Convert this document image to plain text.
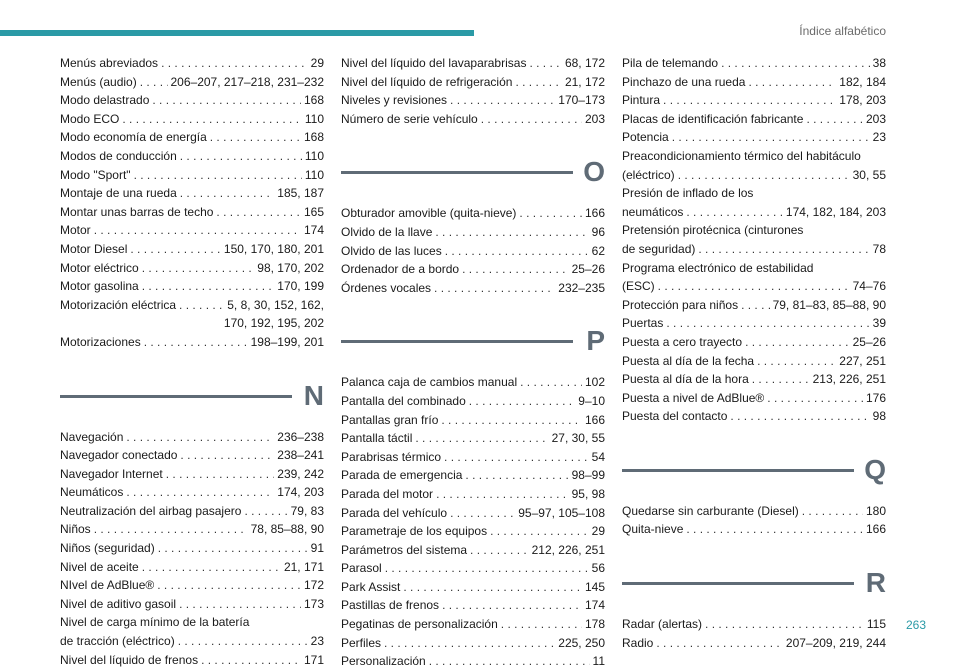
Índice alfabético
Menús abreviados . . .	29
Menús (audio) . . .	206–207, 217–218, 231–232
Modo delastrado . . .	168
Modo ECO . . .	110
Modo economía de energía . . .	168
Modos de conducción . . .	110
Modo "Sport" . . .	110
Montaje de una rueda . . .	185, 187
Montar unas barras de techo . . .	165
Motor . . .	174
Motor Diesel . . .	150, 170, 180, 201
Motor eléctrico . . .	98, 170, 202
Motor gasolina . . .	170, 199
Motorización eléctrica . . .	5, 8, 30, 152, 162,
170, 192, 195, 202
Motorizaciones . . .	198–199, 201
N
Navegación . . .	236–238
Navegador conectado . . .	238–241
Navegador Internet . . .	239, 242
Neumáticos . . .	174, 203
Neutralización del airbag pasajero . . .	79, 83
Niños . . .	78, 85–88, 90
Niños (seguridad) . . .	91
Nivel de aceite . . .	21, 171
NIvel de AdBlue® . . .	172
Nivel de aditivo gasoil . . .	173
Nivel de carga mínimo de la batería
de tracción (eléctrico) . . .	23
Nivel del líquido de frenos . . .	171
Nivel del líquido del lavaparabrisas . . .	68, 172
Nivel del líquido de refrigeración . . .	21, 172
Niveles y revisiones . . .	170–173
Número de serie vehículo . . .	203
O
Obturador amovible (quita-nieve) . . .	166
Olvido de la llave . . .	96
Olvido de las luces . . .	62
Ordenador de a bordo . . .	25–26
Órdenes vocales . . .	232–235
P
Palanca caja de cambios manual . . .	102
Pantalla del combinado . . .	9–10
Pantallas gran frío . . .	166
Pantalla táctil . . .	27, 30, 55
Parabrisas térmico . . .	54
Parada de emergencia . . .	98–99
Parada del motor . . .	95, 98
Parada del vehículo . . .	95–97, 105–108
Parametraje de los equipos . . .	29
Parámetros del sistema . . .	212, 226, 251
Parasol . . .	56
Park Assist . . .	145
Pastillas de frenos . . .	174
Pegatinas de personalización . . .	178
Perfiles . . .	225, 250
Personalización . . .	11
Pila de telemando . . .	38
Pinchazo de una rueda . . .	182, 184
Pintura . . .	178, 203
Placas de identificación fabricante . . .	203
Potencia . . .	23
Preacondicionamiento térmico del habitáculo
(eléctrico) . . .	30, 55
Presión de inflado de los
neumáticos . . .	174, 182, 184, 203
Pretensión pirotécnica (cinturones
de seguridad) . . .	78
Programa electrónico de estabilidad
(ESC) . . .	74–76
Protección para niños . . .	79, 81–83, 85–88, 90
Puertas . . .	39
Puesta a cero trayecto . . .	25–26
Puesta al día de la fecha . . .	227, 251
Puesta al día de la hora . . .	213, 226, 251
Puesta a nivel de AdBlue® . . .	176
Puesta del contacto . . .	98
Q
Quedarse sin carburante (Diesel) . . .	180
Quita-nieve . . .	166
R
Radar (alertas) . . .	115
Radio . . .	207–209, 219, 244
263
